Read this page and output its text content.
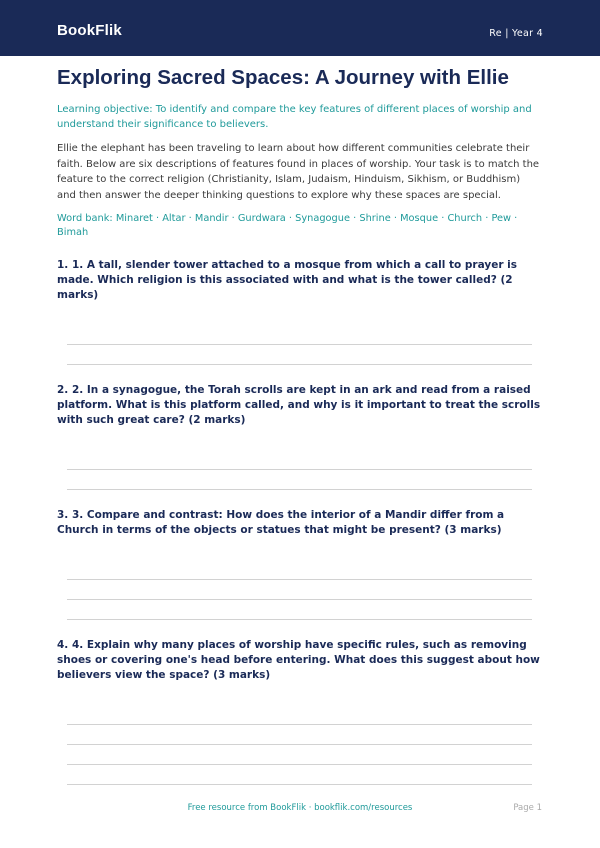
BookFlik	Re | Year 4
Exploring Sacred Spaces: A Journey with Ellie

Learning objective: To identify and compare the key features of different places of worship and understand their significance to believers.

Ellie the elephant has been traveling to learn about how different communities celebrate their faith. Below are six descriptions of features found in places of worship. Your task is to match the feature to the correct religion (Christianity, Islam, Judaism, Hinduism, Sikhism, or Buddhism) and then answer the deeper thinking questions to explore why these spaces are special.

Word bank: Minaret · Altar · Mandir · Gurdwara · Synagogue · Shrine · Mosque · Church · Pew · Bimah

1. 1. A tall, slender tower attached to a mosque from which a call to prayer is made. Which religion is this associated with and what is the tower called? (2 marks)
2. 2. In a synagogue, the Torah scrolls are kept in an ark and read from a raised platform. What is this platform called, and why is it important to treat the scrolls with such great care? (2 marks)
3. 3. Compare and contrast: How does the interior of a Mandir differ from a Church in terms of the objects or statues that might be present? (3 marks)
4. 4. Explain why many places of worship have specific rules, such as removing shoes or covering one's head before entering. What does this suggest about how believers view the space? (3 marks)
Free resource from BookFlik · bookflik.com/resources	Page 1
